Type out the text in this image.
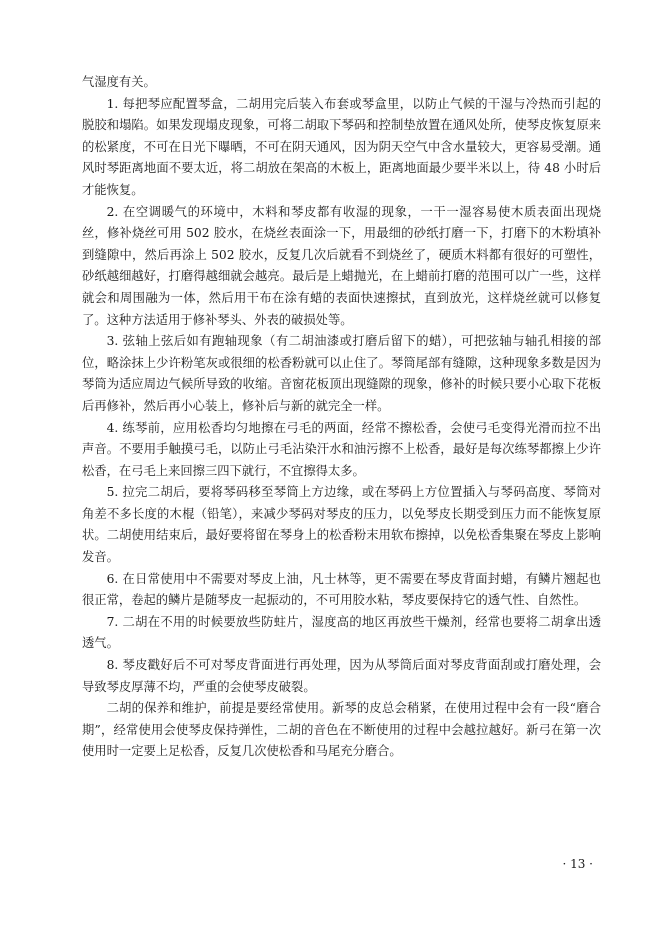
气湿度有关。

1. 每把琴应配置琴盒，二胡用完后装入布套或琴盒里，以防止气候的干湿与冷热而引起的脱胶和塌陷。如果发现塌皮现象，可将二胡取下琴码和控制垫放置在通风处所，使琴皮恢复原来的松紧度，不可在日光下曝晒，不可在阴天通风，因为阴天空气中含水量较大，更容易受潮。通风时琴距离地面不要太近，将二胡放在架高的木板上，距离地面最少要半米以上，待 48 小时后才能恢复。

2. 在空调暖气的环境中，木料和琴皮都有收湿的现象，一干一湿容易使木质表面出现烧丝，修补烧丝可用 502 胶水，在烧丝表面涂一下，用最细的砂纸打磨一下，打磨下的木粉填补到缝隙中，然后再涂上 502 胶水，反复几次后就看不到烧丝了，硬质木料都有很好的可塑性，砂纸越细越好，打磨得越细就会越亮。最后是上蜡抛光，在上蜡前打磨的范围可以广一些，这样就会和周围融为一体，然后用干布在涂有蜡的表面快速擦拭，直到放光，这样烧丝就可以修复了。这种方法适用于修补琴头、外表的破损处等。

3. 弦轴上弦后如有跑轴现象（有二胡油漆或打磨后留下的蜡），可把弦轴与轴孔相接的部位，略涂抹上少许粉笔灰或很细的松香粉就可以止住了。琴筒尾部有缝隙，这种现象多数是因为琴筒为适应周边气候所导致的收缩。音窗花板顶出现缝隙的现象，修补的时候只要小心取下花板后再修补，然后再小心装上，修补后与新的就完全一样。

4. 练琴前，应用松香均匀地擦在弓毛的两面，经常不擦松香，会使弓毛变得光滑而拉不出声音。不要用手触摸弓毛，以防止弓毛沾染汗水和油污擦不上松香，最好是每次练琴都擦上少许松香，在弓毛上来回擦三四下就行，不宜擦得太多。

5. 拉完二胡后，要将琴码移至琴筒上方边缘，或在琴码上方位置插入与琴码高度、琴筒对角差不多长度的木棍（铅笔），来减少琴码对琴皮的压力，以免琴皮长期受到压力而不能恢复原状。二胡使用结束后，最好要将留在琴身上的松香粉末用软布擦掉，以免松香集聚在琴皮上影响发音。

6. 在日常使用中不需要对琴皮上油，凡士林等，更不需要在琴皮背面封蜡，有鳞片翘起也很正常，卷起的鳞片是随琴皮一起振动的，不可用胶水粘，琴皮要保持它的透气性、自然性。

7. 二胡在不用的时候要放些防蛀片，湿度高的地区再放些干燥剂，经常也要将二胡拿出透透气。

8. 琴皮戳好后不可对琴皮背面进行再处理，因为从琴筒后面对琴皮背面刮或打磨处理，会导致琴皮厚薄不均，严重的会使琴皮破裂。

二胡的保养和维护，前提是要经常使用。新琴的皮总会稍紧，在使用过程中会有一段“磨合期”，经常使用会使琴皮保持弹性，二胡的音色在不断使用的过程中会越拉越好。新弓在第一次使用时一定要上足松香，反复几次使松香和马尾充分磨合。

· 13 ·
